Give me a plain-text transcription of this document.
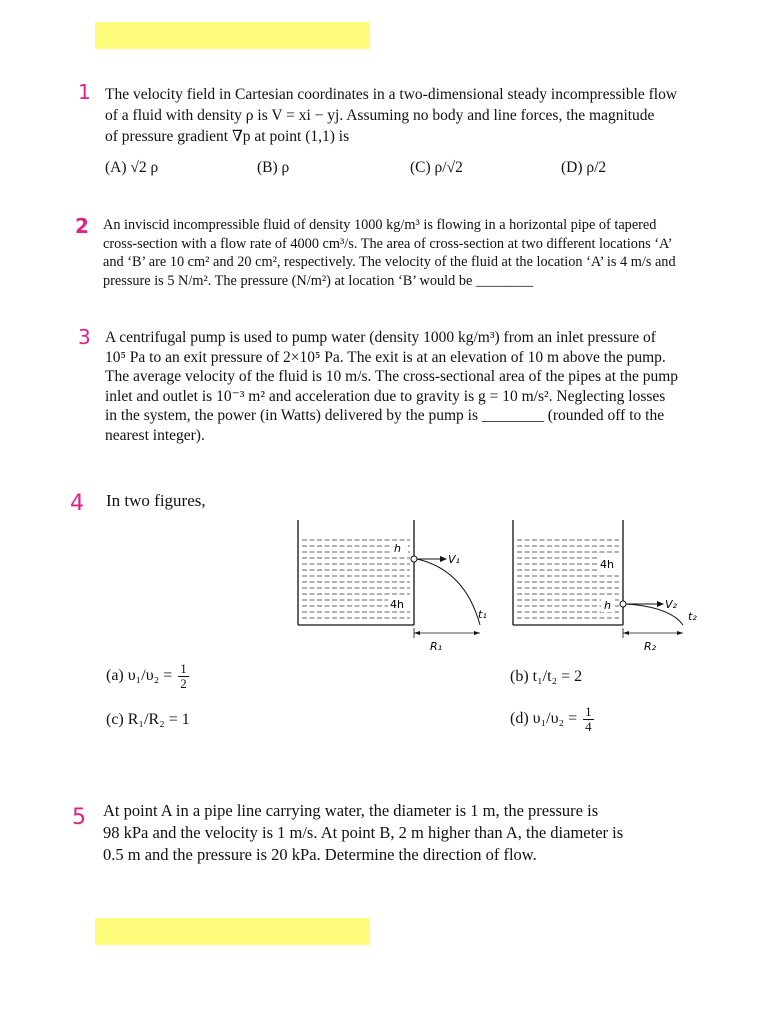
1 The velocity field in Cartesian coordinates in a two-dimensional steady incompressible flow

of a fluid with density ρ is V = xi − yj. Assuming no body and line forces, the magnitude

of pressure gradient ∇p at point (1,1) is

(A) √2 ρ	(B) ρ	(C) ρ/√2	(D) ρ/2
2 An inviscid incompressible fluid of density 1000 kg/m³ is flowing in a horizontal pipe of tapered

cross-section with a flow rate of 4000 cm³/s. The area of cross-section at two different locations ‘A’

and ‘B’ are 10 cm² and 20 cm², respectively. The velocity of the fluid at the location ‘A’ is 4 m/s and

pressure is 5 N/m². The pressure (N/m²) at location ‘B’ would be ________

3 A centrifugal pump is used to pump water (density 1000 kg/m³) from an inlet pressure of

10⁵ Pa to an exit pressure of 2×10⁵ Pa. The exit is at an elevation of 10 m above the pump.

The average velocity of the fluid is 10 m/s. The cross-sectional area of the pipes at the pump

inlet and outlet is 10⁻³ m² and acceleration due to gravity is g = 10 m/s². Neglecting losses

in the system, the power (in Watts) delivered by the pump is ________ (rounded off to the

nearest integer).

4 In two figures,
h
4h
V₁
t₁
R₁
4h
h	V₂
t₂
R₂
(a) $\upsilon_1/\upsilon_2 = \frac{1}{2}$	(b) t₁/t₂ = 2
(c) R₁/R₂ = 1	(d) $\upsilon_1/\upsilon_2 = \frac{1}{4}$
5 At point A in a pipe line carrying water, the diameter is 1 m, the pressure is

98 kPa and the velocity is 1 m/s. At point B, 2 m higher than A, the diameter is

0.5 m and the pressure is 20 kPa. Determine the direction of flow.
